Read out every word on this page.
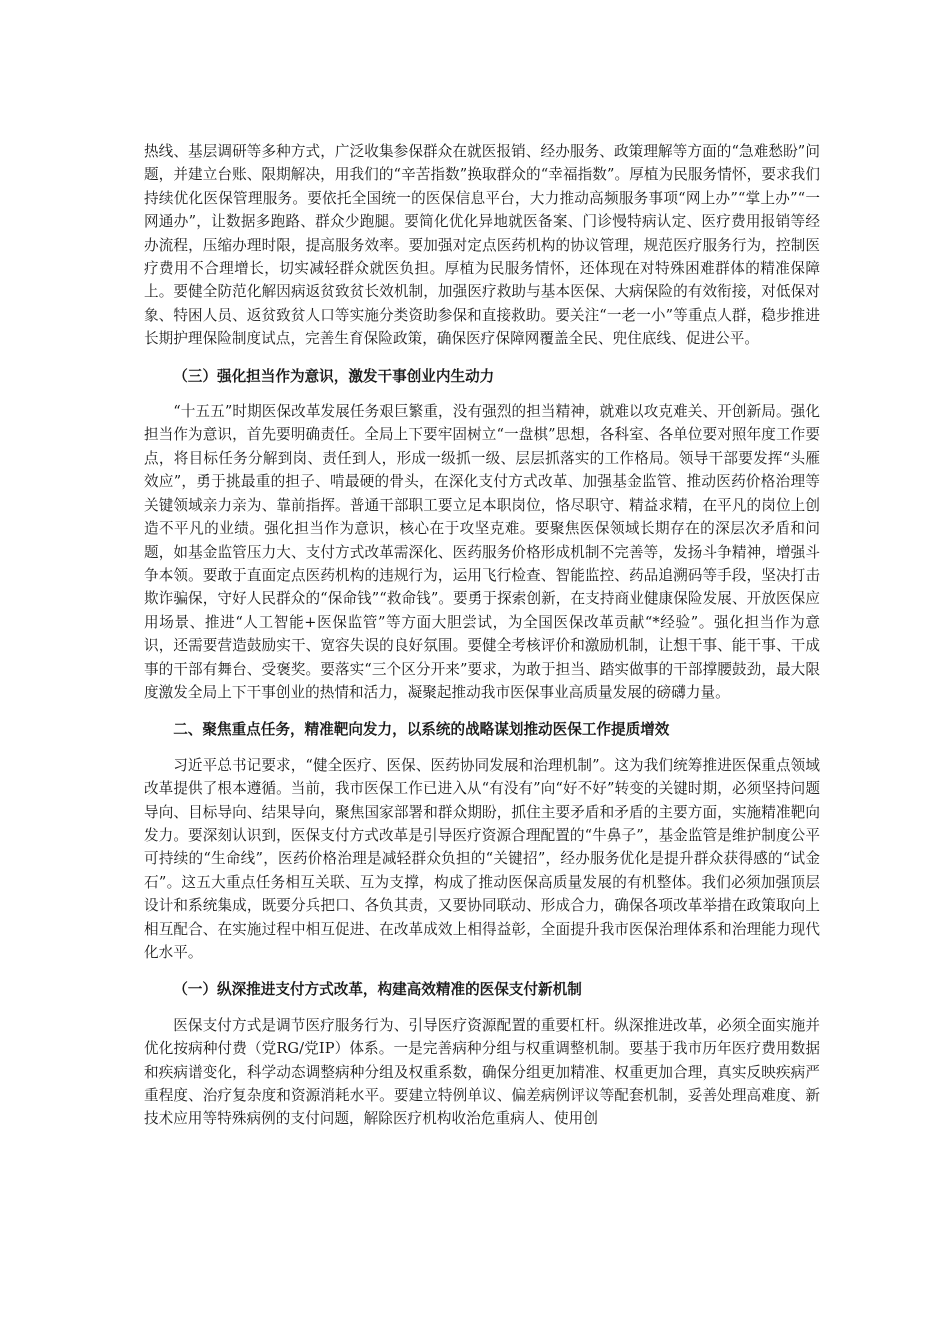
热线、基层调研等多种方式，广泛收集参保群众在就医报销、经办服务、政策理解等方面的“急难愁盼”问题，并建立台账、限期解决，用我们的“辛苦指数”换取群众的“幸福指数”。厚植为民服务情怀，要求我们持续优化医保管理服务。要依托全国统一的医保信息平台，大力推动高频服务事项“网上办”“掌上办”“一网通办”，让数据多跑路、群众少跑腿。要简化优化异地就医备案、门诊慢特病认定、医疗费用报销等经办流程，压缩办理时限，提高服务效率。要加强对定点医药机构的协议管理，规范医疗服务行为，控制医疗费用不合理增长，切实减轻群众就医负担。厚植为民服务情怀，还体现在对特殊困难群体的精准保障上。要健全防范化解因病返贫致贫长效机制，加强医疗救助与基本医保、大病保险的有效衔接，对低保对象、特困人员、返贫致贫人口等实施分类资助参保和直接救助。要关注“一老一小”等重点人群，稳步推进长期护理保险制度试点，完善生育保险政策，确保医疗保障网覆盖全民、兜住底线、促进公平。

（三）强化担当作为意识，激发干事创业内生动力

“十五五”时期医保改革发展任务艰巨繁重，没有强烈的担当精神，就难以攻克难关、开创新局。强化担当作为意识，首先要明确责任。全局上下要牢固树立“一盘棋”思想，各科室、各单位要对照年度工作要点，将目标任务分解到岗、责任到人，形成一级抓一级、层层抓落实的工作格局。领导干部要发挥“头雁效应”，勇于挑最重的担子、啃最硬的骨头，在深化支付方式改革、加强基金监管、推动医药价格治理等关键领域亲力亲为、靠前指挥。普通干部职工要立足本职岗位，恪尽职守、精益求精，在平凡的岗位上创造不平凡的业绩。强化担当作为意识，核心在于攻坚克难。要聚焦医保领域长期存在的深层次矛盾和问题，如基金监管压力大、支付方式改革需深化、医药服务价格形成机制不完善等，发扬斗争精神，增强斗争本领。要敢于直面定点医药机构的违规行为，运用飞行检查、智能监控、药品追溯码等手段，坚决打击欺诈骗保，守好人民群众的“保命钱”“救命钱”。要勇于探索创新，在支持商业健康保险发展、开放医保应用场景、推进“人工智能+医保监管”等方面大胆尝试，为全国医保改革贡献“*经验”。强化担当作为意识，还需要营造鼓励实干、宽容失误的良好氛围。要健全考核评价和激励机制，让想干事、能干事、干成事的干部有舞台、受褒奖。要落实“三个区分开来”要求，为敢于担当、踏实做事的干部撑腰鼓劲，最大限度激发全局上下干事创业的热情和活力，凝聚起推动我市医保事业高质量发展的磅礴力量。

二、聚焦重点任务，精准靶向发力，以系统的战略谋划推动医保工作提质增效

习近平总书记要求，“健全医疗、医保、医药协同发展和治理机制”。这为我们统筹推进医保重点领域改革提供了根本遵循。当前，我市医保工作已进入从“有没有”向“好不好”转变的关键时期，必须坚持问题导向、目标导向、结果导向，聚焦国家部署和群众期盼，抓住主要矛盾和矛盾的主要方面，实施精准靶向发力。要深刻认识到，医保支付方式改革是引导医疗资源合理配置的“牛鼻子”，基金监管是维护制度公平可持续的“生命线”，医药价格治理是减轻群众负担的“关键招”，经办服务优化是提升群众获得感的“试金石”。这五大重点任务相互关联、互为支撑，构成了推动医保高质量发展的有机整体。我们必须加强顶层设计和系统集成，既要分兵把口、各负其责，又要协同联动、形成合力，确保各项改革举措在政策取向上相互配合、在实施过程中相互促进、在改革成效上相得益彰，全面提升我市医保治理体系和治理能力现代化水平。

（一）纵深推进支付方式改革，构建高效精准的医保支付新机制

医保支付方式是调节医疗服务行为、引导医疗资源配置的重要杠杆。纵深推进改革，必须全面实施并优化按病种付费（党RG/党IP）体系。一是完善病种分组与权重调整机制。要基于我市历年医疗费用数据和疾病谱变化，科学动态调整病种分组及权重系数，确保分组更加精准、权重更加合理，真实反映疾病严重程度、治疗复杂度和资源消耗水平。要建立特例单议、偏差病例评议等配套机制，妥善处理高难度、新技术应用等特殊病例的支付问题，解除医疗机构收治危重病人、使用创
